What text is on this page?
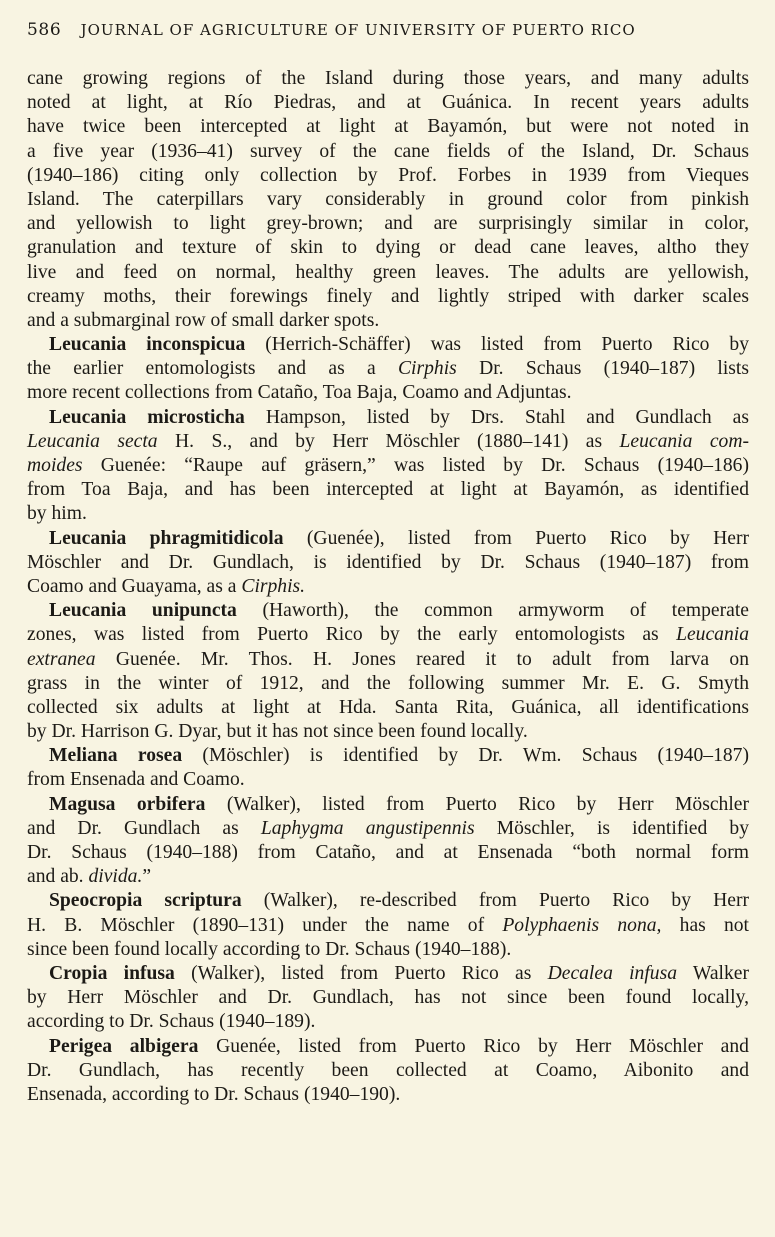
586 JOURNAL OF AGRICULTURE OF UNIVERSITY OF PUERTO RICO
cane growing regions of the Island during those years, and many adults
noted at light, at Río Piedras, and at Guánica. In recent years adults
have twice been intercepted at light at Bayamón, but were not noted in
a five year (1936–41) survey of the cane fields of the Island, Dr. Schaus
(1940–186) citing only collection by Prof. Forbes in 1939 from Vieques
Island. The caterpillars vary considerably in ground color from pinkish
and yellowish to light grey-brown; and are surprisingly similar in color,
granulation and texture of skin to dying or dead cane leaves, altho they
live and feed on normal, healthy green leaves. The adults are yellowish,
creamy moths, their forewings finely and lightly striped with darker scales
and a submarginal row of small darker spots.
Leucania inconspicua (Herrich-Schäffer) was listed from Puerto Rico by
the earlier entomologists and as a Cirphis Dr. Schaus (1940–187) lists
more recent collections from Cataño, Toa Baja, Coamo and Adjuntas.
Leucania microsticha Hampson, listed by Drs. Stahl and Gundlach as
Leucania secta H. S., and by Herr Möschler (1880–141) as Leucania com-
moides Guenée: “Raupe auf gräsern,” was listed by Dr. Schaus (1940–186)
from Toa Baja, and has been intercepted at light at Bayamón, as identified
by him.
Leucania phragmitidicola (Guenée), listed from Puerto Rico by Herr
Möschler and Dr. Gundlach, is identified by Dr. Schaus (1940–187) from
Coamo and Guayama, as a Cirphis.
Leucania unipuncta (Haworth), the common armyworm of temperate
zones, was listed from Puerto Rico by the early entomologists as Leucania
extranea Guenée. Mr. Thos. H. Jones reared it to adult from larva on
grass in the winter of 1912, and the following summer Mr. E. G. Smyth
collected six adults at light at Hda. Santa Rita, Guánica, all identifications
by Dr. Harrison G. Dyar, but it has not since been found locally.
Meliana rosea (Möschler) is identified by Dr. Wm. Schaus (1940–187)
from Ensenada and Coamo.
Magusa orbifera (Walker), listed from Puerto Rico by Herr Möschler
and Dr. Gundlach as Laphygma angustipennis Möschler, is identified by
Dr. Schaus (1940–188) from Cataño, and at Ensenada “both normal form
and ab. divida.”
Speocropia scriptura (Walker), re-described from Puerto Rico by Herr
H. B. Möschler (1890–131) under the name of Polyphaenis nona, has not
since been found locally according to Dr. Schaus (1940–188).
Cropia infusa (Walker), listed from Puerto Rico as Decalea infusa Walker
by Herr Möschler and Dr. Gundlach, has not since been found locally,
according to Dr. Schaus (1940–189).
Perigea albigera Guenée, listed from Puerto Rico by Herr Möschler and
Dr. Gundlach, has recently been collected at Coamo, Aibonito and
Ensenada, according to Dr. Schaus (1940–190).
